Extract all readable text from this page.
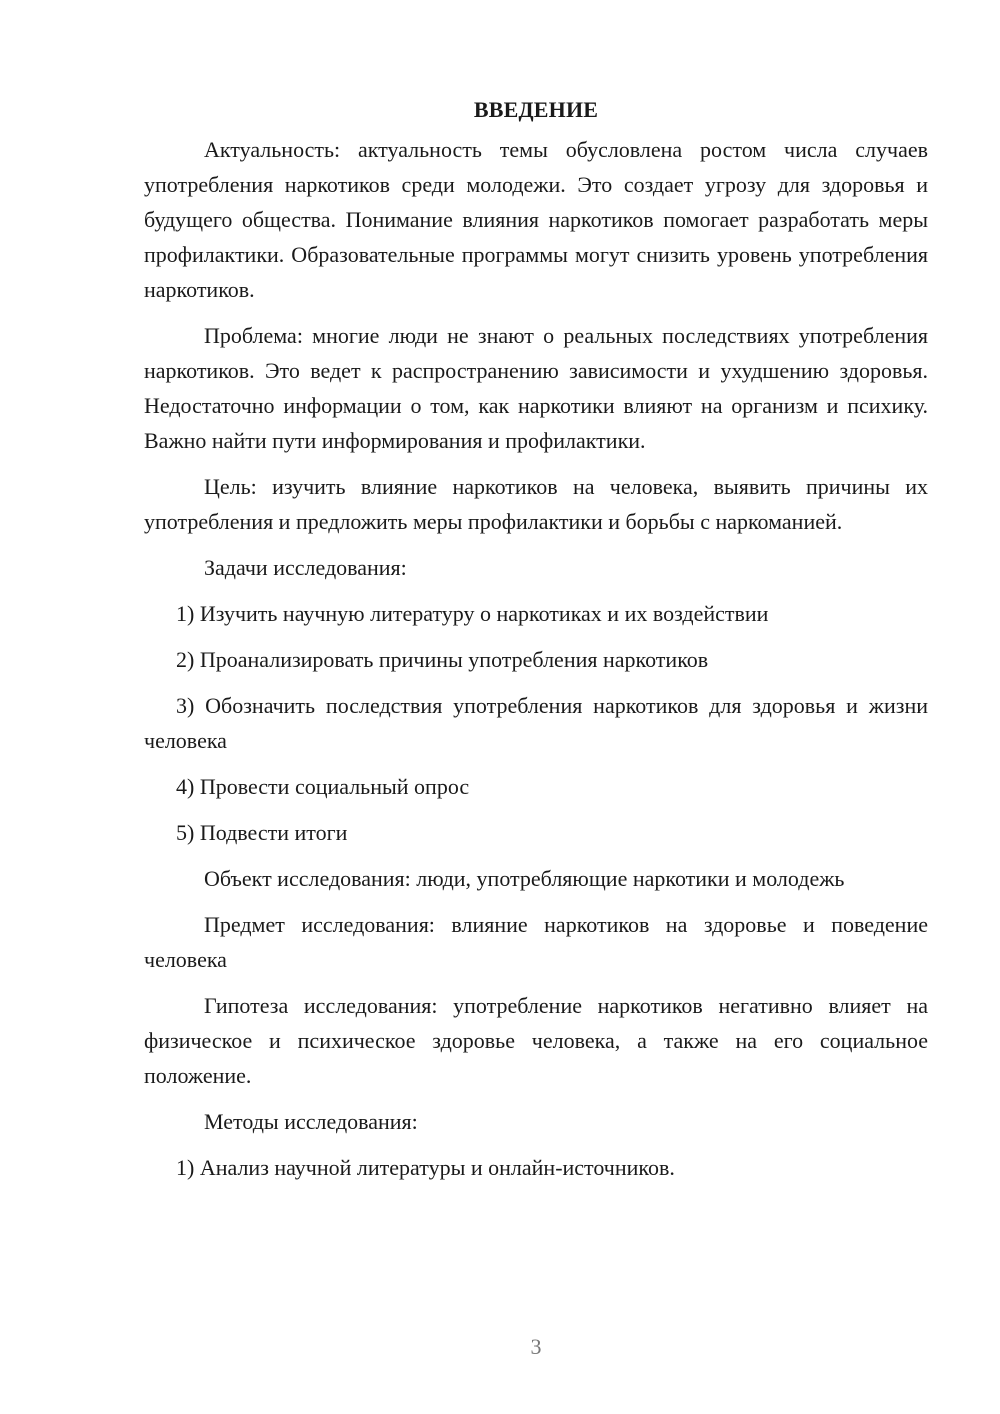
ВВЕДЕНИЕ

Актуальность: актуальность темы обусловлена ростом числа случаев употребления наркотиков среди молодежи. Это создает угрозу для здоровья и будущего общества. Понимание влияния наркотиков помогает разработать меры профилактики. Образовательные программы могут снизить уровень употребления наркотиков.

Проблема: многие люди не знают о реальных последствиях употребления наркотиков. Это ведет к распространению зависимости и ухудшению здоровья. Недостаточно информации о том, как наркотики влияют на организм и психику. Важно найти пути информирования и профилактики.

Цель: изучить влияние наркотиков на человека, выявить причины их употребления и предложить меры профилактики и борьбы с наркоманией.

Задачи исследования:

1) Изучить научную литературу о наркотиках и их воздействии

2) Проанализировать причины употребления наркотиков

3) Обозначить последствия употребления наркотиков для здоровья и жизни человека

4) Провести социальный опрос

5) Подвести итоги

Объект исследования: люди, употребляющие наркотики и молодежь

Предмет исследования: влияние наркотиков на здоровье и поведение человека

Гипотеза исследования: употребление наркотиков негативно влияет на физическое и психическое здоровье человека, а также на его социальное положение.

Методы исследования:

1) Анализ научной литературы и онлайн-источников.

3
